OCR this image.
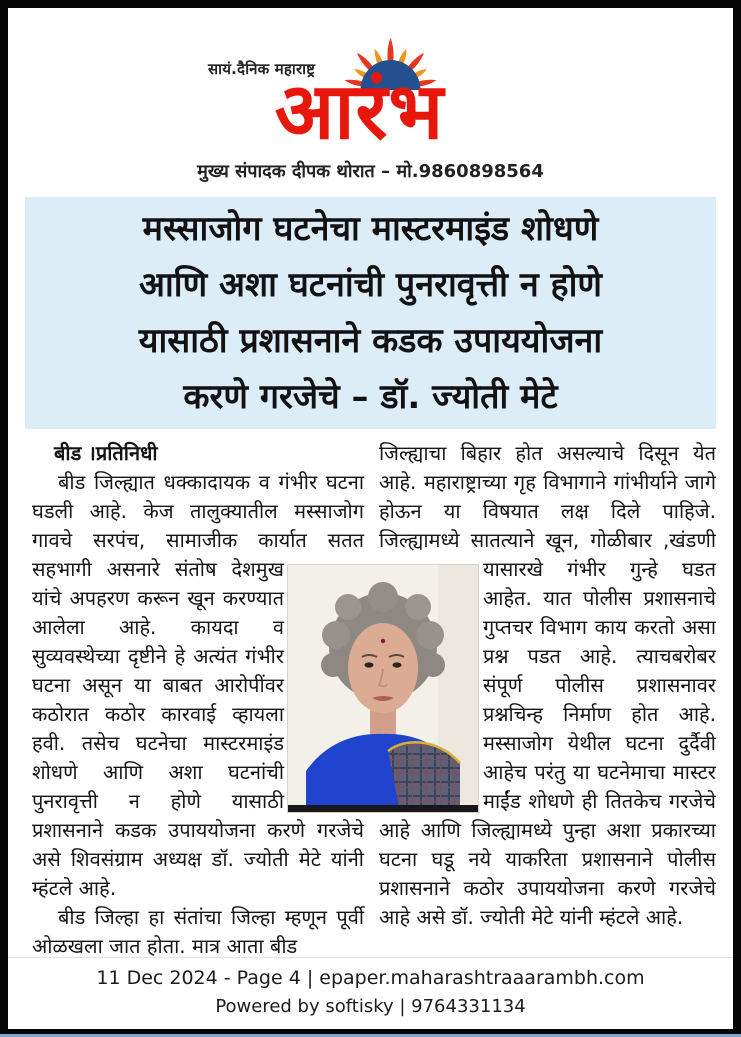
सायं.दैनिक महाराष्ट्र
आरंभ
मुख्य संपादक दीपक थोरात – मो.9860898564
मस्साजोग घटनेचा मास्टरमाइंड शोधणे
आणि अशा घटनांची पुनरावृत्ती न होणे
यासाठी प्रशासनाने कडक उपाययोजना
करणे गरजेचे – डॉ. ज्योती मेटे

बीड ।प्रतिनिधी

बीड जिल्ह्यात धक्कादायक व गंभीर घटना घडली आहे. केज तालुक्यातील मस्साजोग गावचे सरपंच, सामाजीक कार्यात सतत सहभागी असनारे संतोष देशमुख यांचे अपहरण करून खून करण्यात आलेला आहे. कायदा व सुव्यवस्थेच्या दृष्टीने हे अत्यंत गंभीर घटना असून या बाबत आरोपींवर कठोरात कठोर कारवाई व्हायला हवी. तसेच घटनेचा मास्टरमाइंड शोधणे आणि अशा घटनांची पुनरावृत्ती न होणे यासाठी प्रशासनाने कडक उपाययोजना करणे गरजेचे असे शिवसंग्राम अध्यक्ष डॉ. ज्योती मेटे यांनी म्हंटले आहे.

बीड जिल्हा हा संतांचा जिल्हा म्हणून पूर्वी ओळखला जात होता. मात्र आता बीड

जिल्ह्याचा बिहार होत असल्याचे दिसून येत आहे. महाराष्ट्राच्या गृह विभागाने गांभीर्याने जागे होऊन या विषयात लक्ष दिले पाहिजे. जिल्ह्यामध्ये सातत्याने खून, गोळीबार ,खंडणी यासारखे गंभीर गुन्हे घडत आहेत. यात पोलीस प्रशासनाचे गुप्तचर विभाग काय करतो असा प्रश्न पडत आहे. त्याचबरोबर संपूर्ण पोलीस प्रशासनावर प्रश्नचिन्ह निर्माण होत आहे. मस्साजोग येथील घटना दुर्दैवी आहेच परंतु या घटनेमाचा मास्टर माईंड शोधणे ही तितकेच गरजेचे आहे आणि जिल्ह्यामध्ये पुन्हा अशा प्रकारच्या घटना घडू नये याकरिता प्रशासनाने पोलीस प्रशासनाने कठोर उपाययोजना करणे गरजेचे आहे असे डॉ. ज्योती मेटे यांनी म्हंटले आहे.

11 Dec 2024 - Page 4 | epaper.maharashtraaarambh.com
Powered by softisky | 9764331134
